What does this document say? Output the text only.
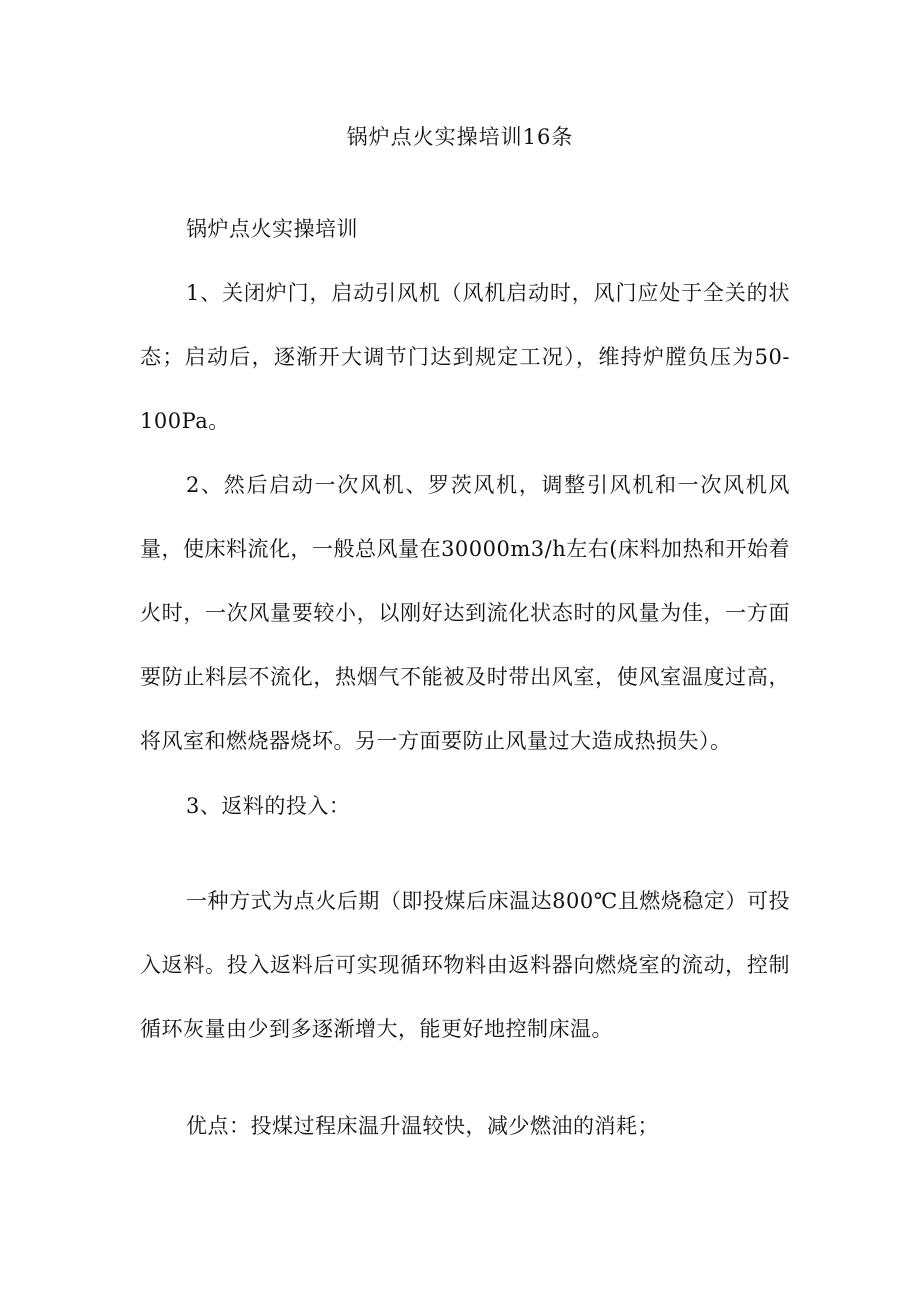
锅炉点火实操培训16条
锅炉点火实操培训
1、关闭炉门，启动引风机（风机启动时，风门应处于全关的状态；启动后，逐渐开大调节门达到规定工况），维持炉膛负压为50-100Pa。
2、然后启动一次风机、罗茨风机，调整引风机和一次风机风量，使床料流化，一般总风量在30000m3/h左右(床料加热和开始着火时，一次风量要较小，以刚好达到流化状态时的风量为佳，一方面要防止料层不流化，热烟气不能被及时带出风室，使风室温度过高，将风室和燃烧器烧坏。另一方面要防止风量过大造成热损失）。
3、返料的投入：
一种方式为点火后期（即投煤后床温达800℃且燃烧稳定）可投入返料。投入返料后可实现循环物料由返料器向燃烧室的流动，控制循环灰量由少到多逐渐增大，能更好地控制床温。
优点：投煤过程床温升温较快，减少燃油的消耗；
